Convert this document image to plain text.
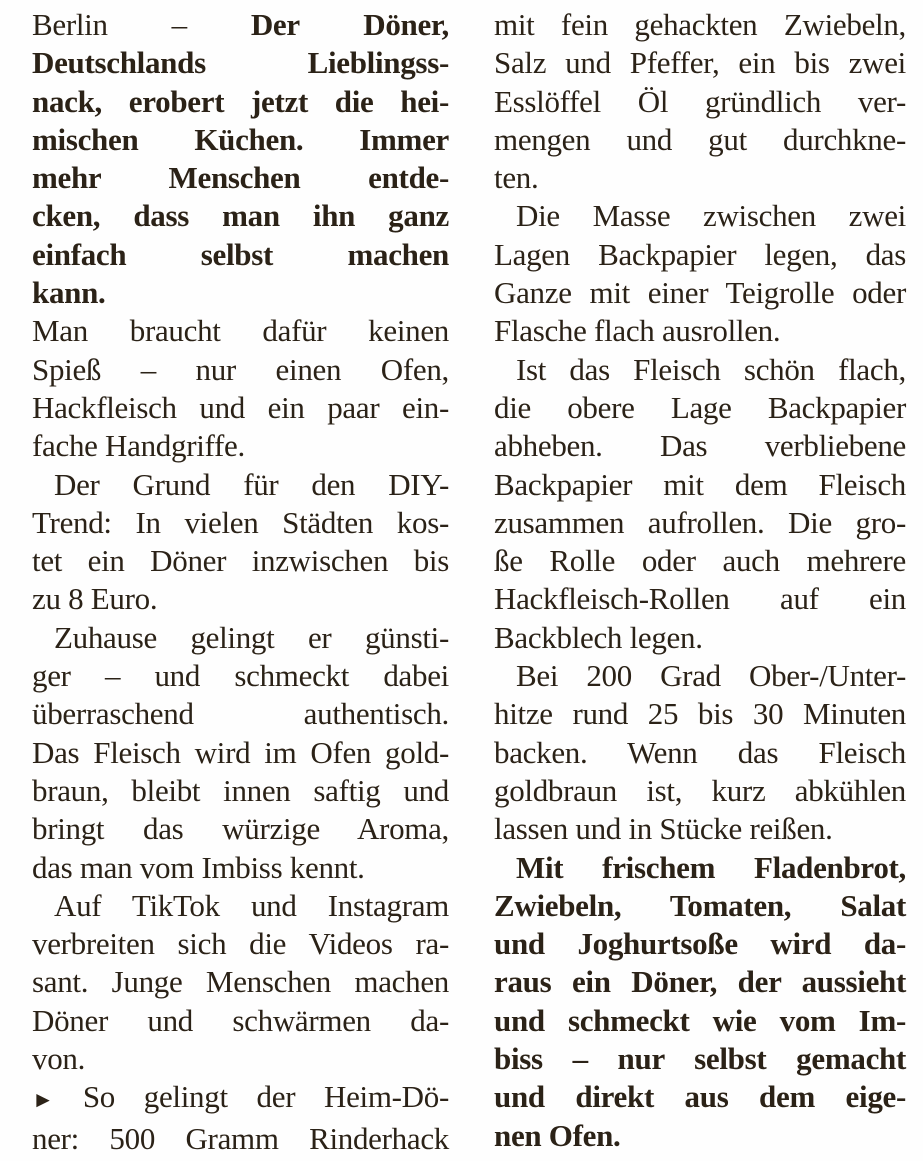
Berlin – Der Döner,
Deutschlands Lieblingss-
nack, erobert jetzt die hei-
mischen Küchen. Immer
mehr Menschen entde-
cken, dass man ihn ganz
einfach selbst machen
kann.
Man braucht dafür keinen
Spieß – nur einen Ofen,
Hackfleisch und ein paar ein-
fache Handgriffe.
Der Grund für den DIY-
Trend: In vielen Städten kos-
tet ein Döner inzwischen bis
zu 8 Euro.
Zuhause gelingt er günsti-
ger – und schmeckt dabei
überraschend authentisch.
Das Fleisch wird im Ofen gold-
braun, bleibt innen saftig und
bringt das würzige Aroma,
das man vom Imbiss kennt.
Auf TikTok und Instagram
verbreiten sich die Videos ra-
sant. Junge Menschen machen
Döner und schwärmen da-
von.
► So gelingt der Heim-Dö-
ner: 500 Gramm Rinderhack
mit fein gehackten Zwiebeln,
Salz und Pfeffer, ein bis zwei
Esslöffel Öl gründlich ver-
mengen und gut durchkne-
ten.
Die Masse zwischen zwei
Lagen Backpapier legen, das
Ganze mit einer Teigrolle oder
Flasche flach ausrollen.
Ist das Fleisch schön flach,
die obere Lage Backpapier
abheben. Das verbliebene
Backpapier mit dem Fleisch
zusammen aufrollen. Die gro-
ße Rolle oder auch mehrere
Hackfleisch-Rollen auf ein
Backblech legen.
Bei 200 Grad Ober-/Unter-
hitze rund 25 bis 30 Minuten
backen. Wenn das Fleisch
goldbraun ist, kurz abkühlen
lassen und in Stücke reißen.
Mit frischem Fladenbrot,
Zwiebeln, Tomaten, Salat
und Joghurtsoße wird da-
raus ein Döner, der aussieht
und schmeckt wie vom Im-
biss – nur selbst gemacht
und direkt aus dem eige-
nen Ofen.
